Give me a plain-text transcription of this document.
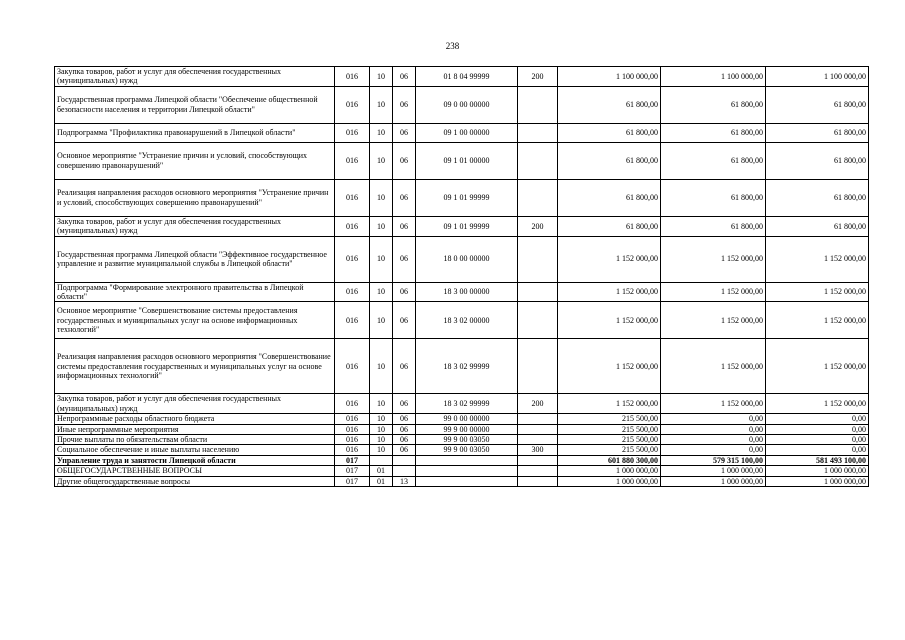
238
Закупка товаров, работ и услуг для обеспечения государственных (муниципальных) нужд	016	10	06	01 8 04 99999	200	1 100 000,00	1 100 000,00	1 100 000,00
Государственная программа Липецкой области "Обеспечение общественной безопасности населения и территории Липецкой области"	016	10	06	09 0 00 00000		61 800,00	61 800,00	61 800,00
Подпрограмма "Профилактика правонарушений в Липецкой области"	016	10	06	09 1 00 00000		61 800,00	61 800,00	61 800,00
Основное мероприятие "Устранение причин и условий, способствующих совершению правонарушений"	016	10	06	09 1 01 00000		61 800,00	61 800,00	61 800,00
Реализация направления расходов основного мероприятия "Устранение причин и условий, способствующих совершению правонарушений"	016	10	06	09 1 01 99999		61 800,00	61 800,00	61 800,00
Закупка товаров, работ и услуг для обеспечения государственных (муниципальных) нужд	016	10	06	09 1 01 99999	200	61 800,00	61 800,00	61 800,00
Государственная программа Липецкой области "Эффективное государственное управление и развитие муниципальной службы в Липецкой области"	016	10	06	18 0 00 00000		1 152 000,00	1 152 000,00	1 152 000,00
Подпрограмма "Формирование электронного правительства в Липецкой области"	016	10	06	18 3 00 00000		1 152 000,00	1 152 000,00	1 152 000,00
Основное мероприятие "Совершенствование системы предоставления государственных и муниципальных услуг на основе информационных технологий"	016	10	06	18 3 02 00000		1 152 000,00	1 152 000,00	1 152 000,00
Реализация направления расходов основного мероприятия "Совершенствование системы предоставления государственных и муниципальных услуг на основе информационных технологий"	016	10	06	18 3 02 99999		1 152 000,00	1 152 000,00	1 152 000,00
Закупка товаров, работ и услуг для обеспечения государственных (муниципальных) нужд	016	10	06	18 3 02 99999	200	1 152 000,00	1 152 000,00	1 152 000,00
Непрограммные расходы областного бюджета	016	10	06	99 0 00 00000		215 500,00	0,00	0,00
Иные непрограммные мероприятия	016	10	06	99 9 00 00000		215 500,00	0,00	0,00
Прочие выплаты по обязательствам области	016	10	06	99 9 00 03050		215 500,00	0,00	0,00
Социальное обеспечение и иные выплаты населению	016	10	06	99 9 00 03050	300	215 500,00	0,00	0,00
Управление труда и занятости Липецкой области	017					601 880 300,00	579 315 100,00	581 493 100,00
ОБЩЕГОСУДАРСТВЕННЫЕ ВОПРОСЫ	017	01				1 000 000,00	1 000 000,00	1 000 000,00
Другие общегосударственные вопросы	017	01	13			1 000 000,00	1 000 000,00	1 000 000,00
